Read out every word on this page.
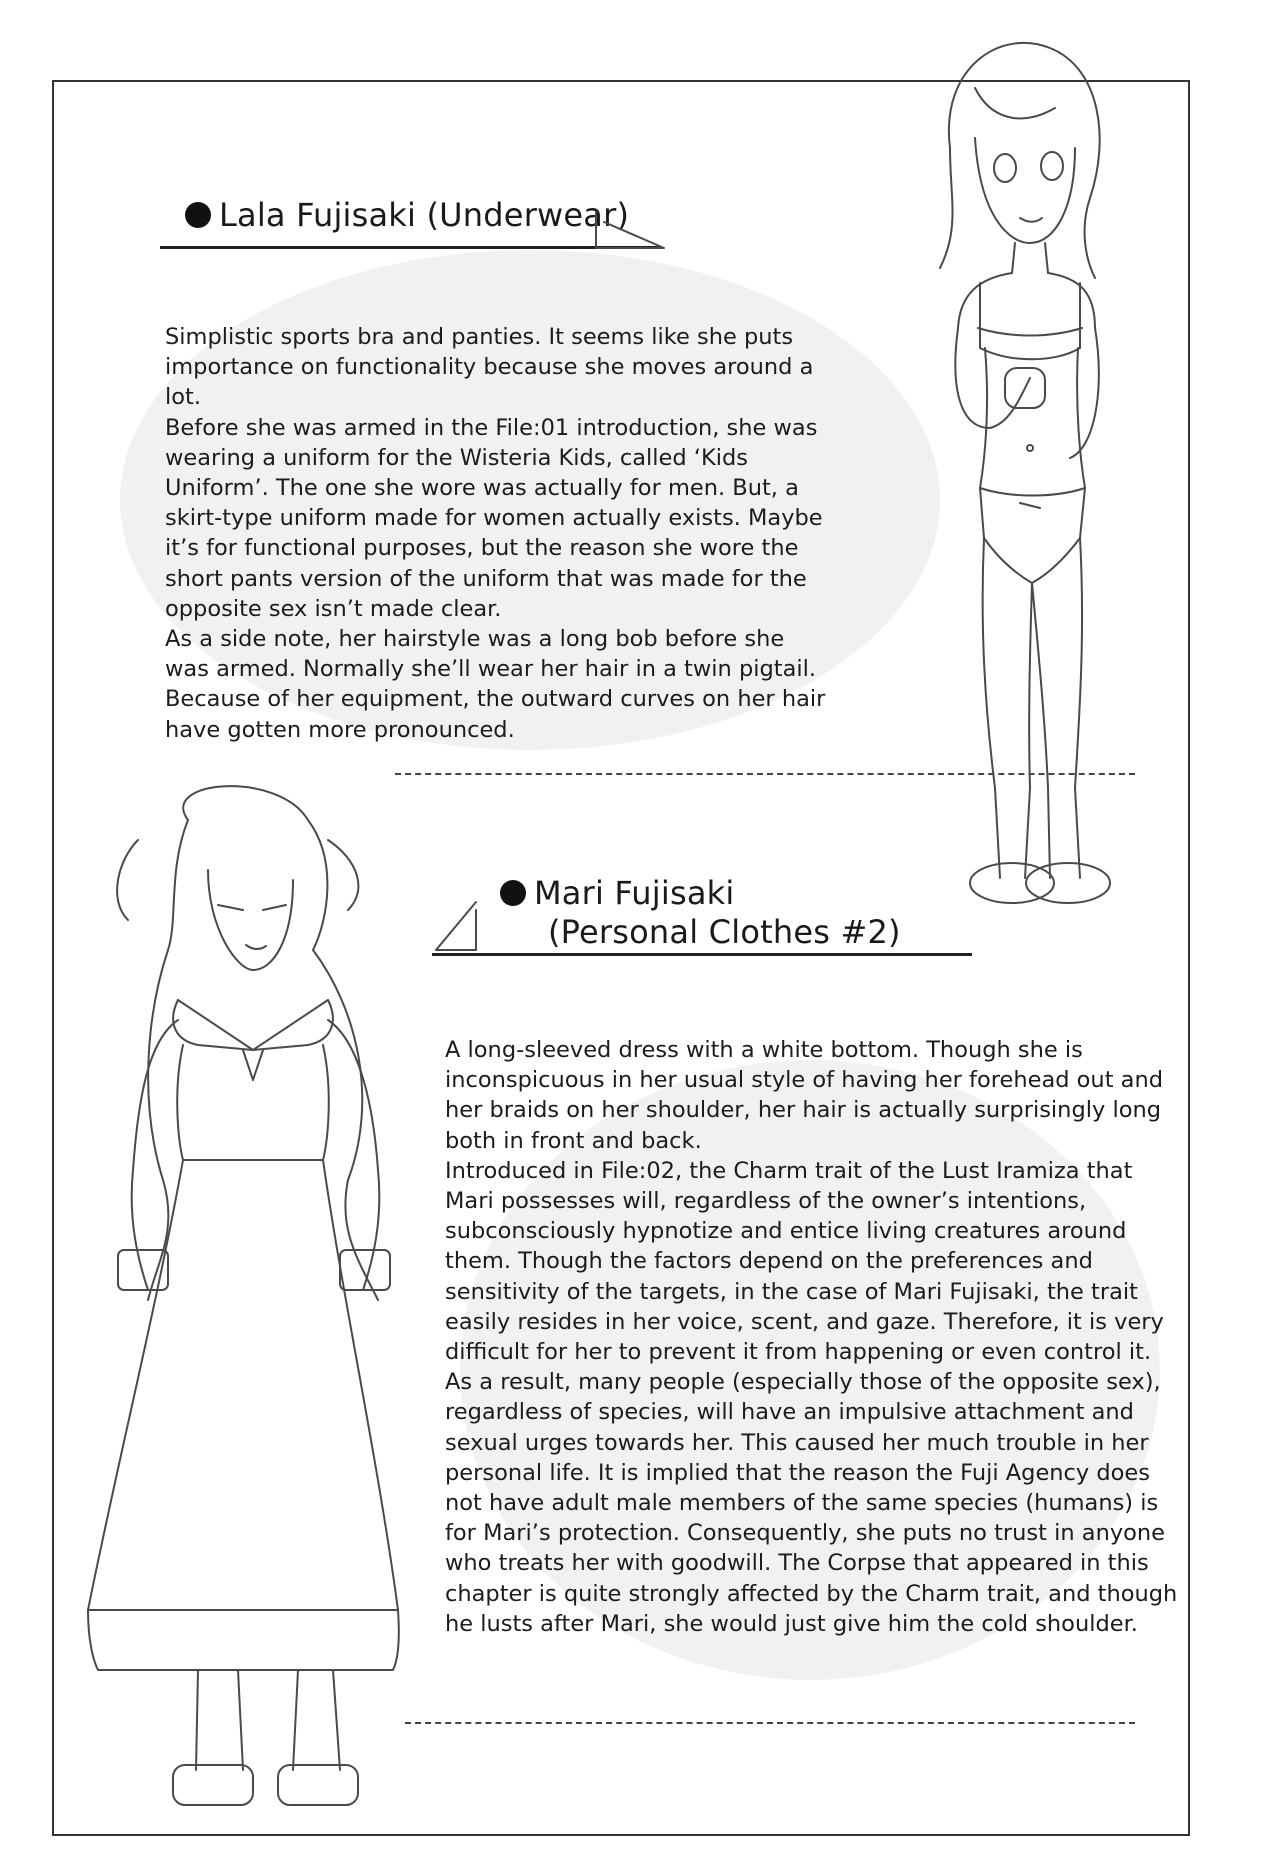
Lala Fujisaki (Underwear)

Simplistic sports bra and panties. It seems like she puts importance on functionality because she moves around a lot.

Before she was armed in the File:01 introduction, she was wearing a uniform for the Wisteria Kids, called ‘Kids Uniform’. The one she wore was actually for men. But, a skirt-type uniform made for women actually exists. Maybe it’s for functional purposes, but the reason she wore the short pants version of the uniform that was made for the opposite sex isn’t made clear.

As a side note, her hairstyle was a long bob before she was armed. Normally she’ll wear her hair in a twin pigtail. Because of her equipment, the outward curves on her hair have gotten more pronounced.

Mari Fujisaki
(Personal Clothes #2)

A long-sleeved dress with a white bottom. Though she is inconspicuous in her usual style of having her forehead out and her braids on her shoulder, her hair is actually surprisingly long both in front and back.

Introduced in File:02, the Charm trait of the Lust Iramiza that Mari possesses will, regardless of the owner’s intentions, subconsciously hypnotize and entice living creatures around them. Though the factors depend on the preferences and sensitivity of the targets, in the case of Mari Fujisaki, the trait easily resides in her voice, scent, and gaze. Therefore, it is very difficult for her to prevent it from happening or even control it. As a result, many people (especially those of the opposite sex), regardless of species, will have an impulsive attachment and sexual urges towards her. This caused her much trouble in her personal life. It is implied that the reason the Fuji Agency does not have adult male members of the same species (humans) is for Mari’s protection. Consequently, she puts no trust in anyone who treats her with goodwill. The Corpse that appeared in this chapter is quite strongly affected by the Charm trait, and though he lusts after Mari, she would just give him the cold shoulder.
